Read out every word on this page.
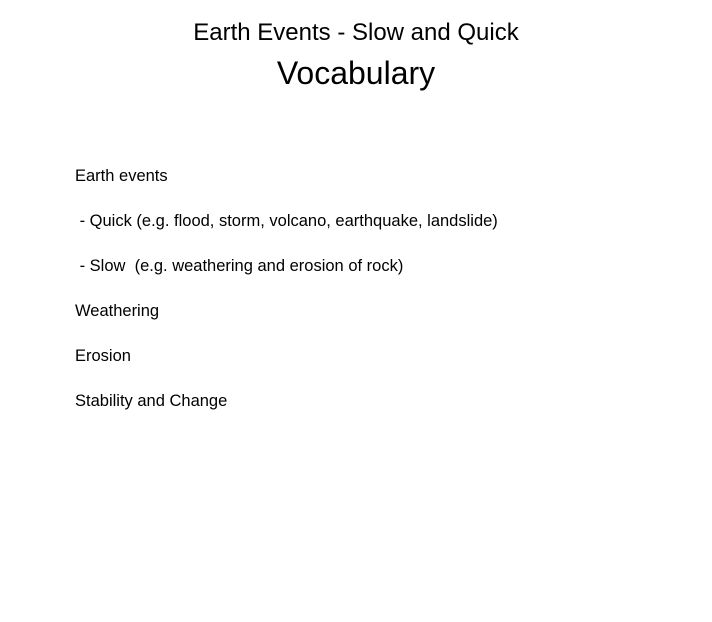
Earth Events - Slow and Quick
Vocabulary
Earth events
- Quick (e.g. flood, storm, volcano, earthquake, landslide)
- Slow  (e.g. weathering and erosion of rock)
Weathering
Erosion
Stability and Change
